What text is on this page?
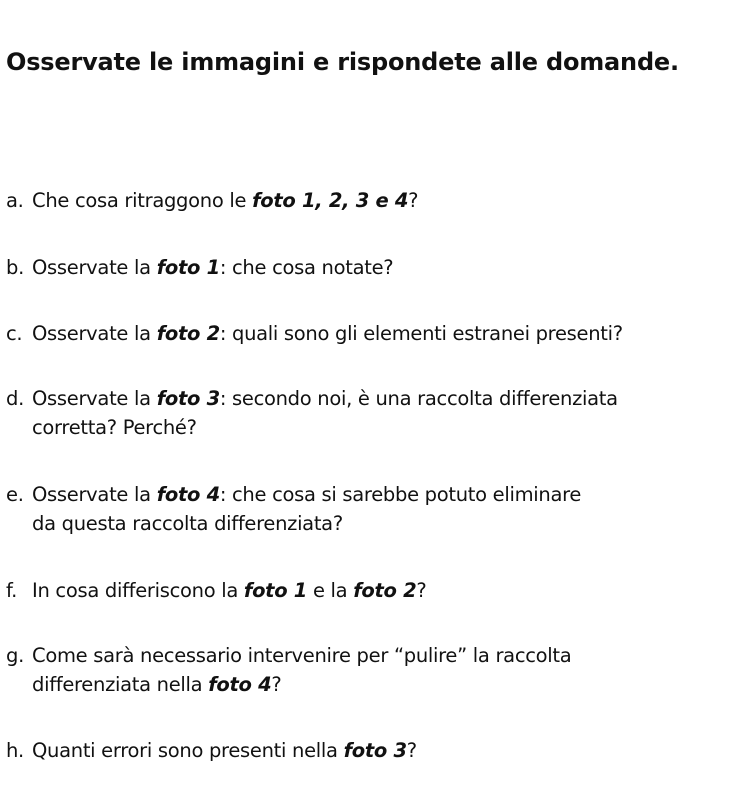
Osservate le immagini e rispondete alle domande.
a. Che cosa ritraggono le foto 1, 2, 3 e 4?
b. Osservate la foto 1: che cosa notate?
c. Osservate la foto 2: quali sono gli elementi estranei presenti?
d. Osservate la foto 3: secondo noi, è una raccolta differenziata
corretta? Perché?
e. Osservate la foto 4: che cosa si sarebbe potuto eliminare
da questa raccolta differenziata?
f. In cosa differiscono la foto 1 e la foto 2?
g. Come sarà necessario intervenire per “pulire” la raccolta
differenziata nella foto 4?
h. Quanti errori sono presenti nella foto 3?
